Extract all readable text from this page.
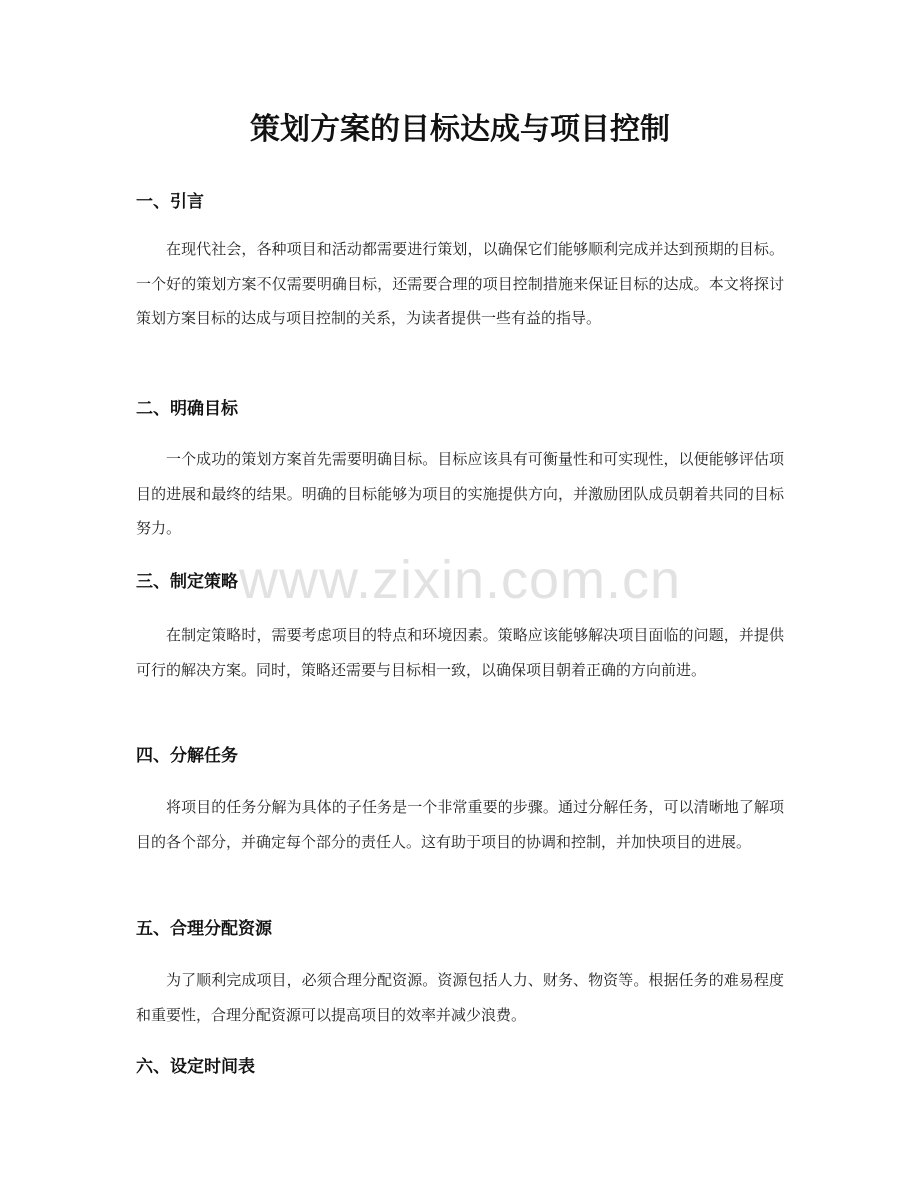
策划方案的目标达成与项目控制
一、引言

在现代社会，各种项目和活动都需要进行策划，以确保它们能够顺利完成并达到预期的目标。一个好的策划方案不仅需要明确目标，还需要合理的项目控制措施来保证目标的达成。本文将探讨策划方案目标的达成与项目控制的关系，为读者提供一些有益的指导。

二、明确目标

一个成功的策划方案首先需要明确目标。目标应该具有可衡量性和可实现性，以便能够评估项目的进展和最终的结果。明确的目标能够为项目的实施提供方向，并激励团队成员朝着共同的目标努力。

三、制定策略

在制定策略时，需要考虑项目的特点和环境因素。策略应该能够解决项目面临的问题，并提供可行的解决方案。同时，策略还需要与目标相一致，以确保项目朝着正确的方向前进。

四、分解任务

将项目的任务分解为具体的子任务是一个非常重要的步骤。通过分解任务，可以清晰地了解项目的各个部分，并确定每个部分的责任人。这有助于项目的协调和控制，并加快项目的进展。

五、合理分配资源

为了顺利完成项目，必须合理分配资源。资源包括人力、财务、物资等。根据任务的难易程度和重要性，合理分配资源可以提高项目的效率并减少浪费。

六、设定时间表
www.zixin.com.cn
